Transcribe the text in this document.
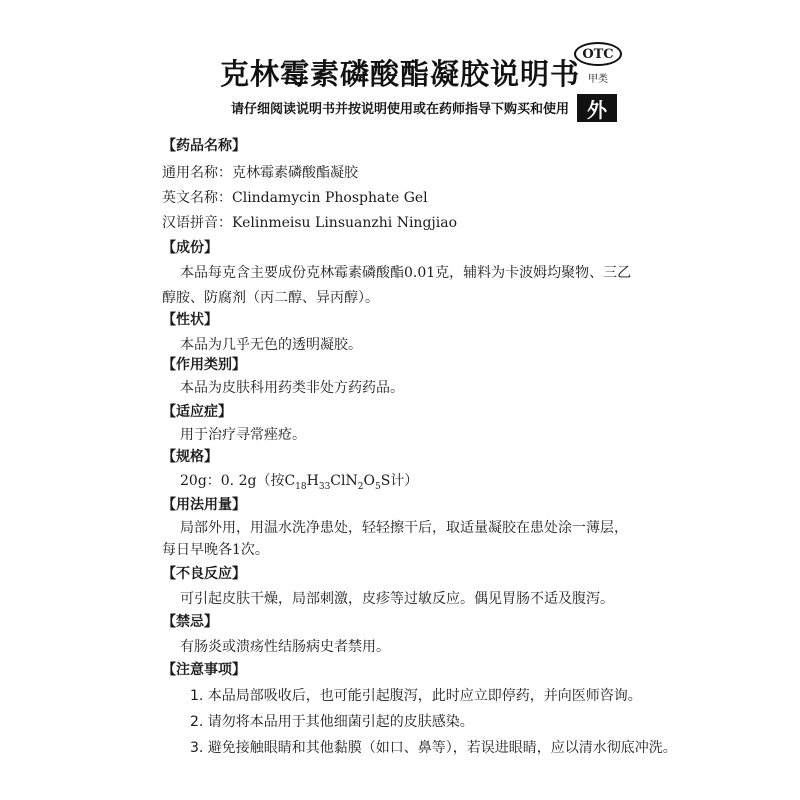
克林霉素磷酸酯凝胶说明书
请仔细阅读说明书并按说明使用或在药师指导下购买和使用
OTC
甲类
外
【药品名称】
通用名称：克林霉素磷酸酯凝胶
英文名称：Clindamycin Phosphate Gel
汉语拼音：Kelinmeisu Linsuanzhi Ningjiao
【成份】
本品每克含主要成份克林霉素磷酸酯0.01克，辅料为卡波姆均聚物、三乙
醇胺、防腐剂（丙二醇、异丙醇）。
【性状】
本品为几乎无色的透明凝胶。
【作用类别】
本品为皮肤科用药类非处方药药品。
【适应症】
用于治疗寻常痤疮。
【规格】
20g：0. 2g（按$C_{18}H_{33}ClN_2O_5S$计）
【用法用量】
局部外用，用温水洗净患处，轻轻擦干后，取适量凝胶在患处涂一薄层，
每日早晚各1次。
【不良反应】
可引起皮肤干燥，局部刺激，皮疹等过敏反应。偶见胃肠不适及腹泻。
【禁忌】
有肠炎或溃疡性结肠病史者禁用。
【注意事项】
1. 本品局部吸收后，也可能引起腹泻，此时应立即停药，并向医师咨询。
2. 请勿将本品用于其他细菌引起的皮肤感染。
3. 避免接触眼睛和其他黏膜（如口、鼻等），若误进眼睛，应以清水彻底冲洗。
